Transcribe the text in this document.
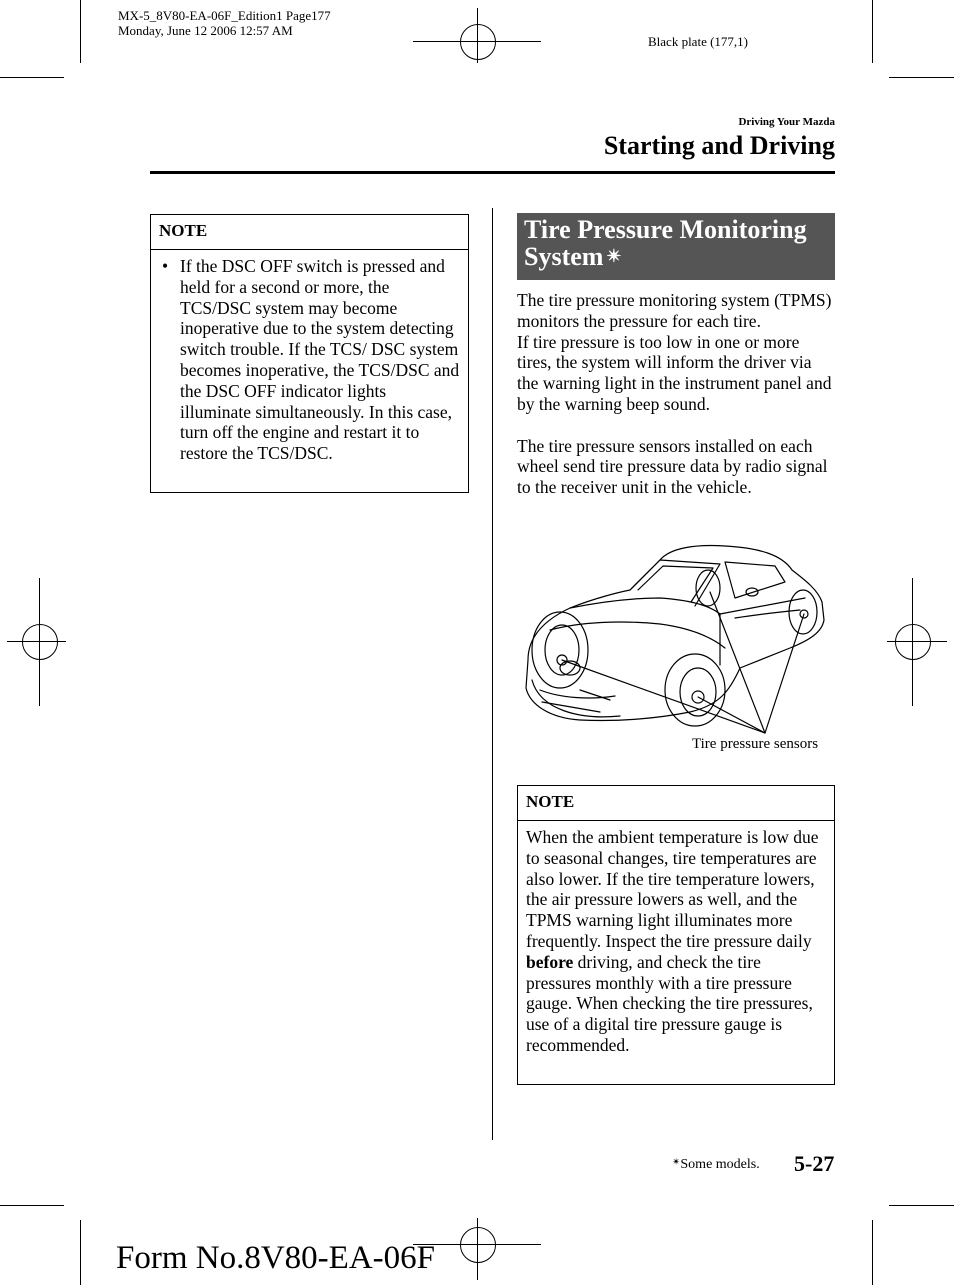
MX-5_8V80-EA-06F_Edition1 Page177
Monday, June 12 2006 12:57 AM
Black plate (177,1)
Driving Your Mazda
Starting and Driving
NOTE
• If the DSC OFF switch is pressed and held for a second or more, the TCS/DSC system may become inoperative due to the system detecting switch trouble. If the TCS/ DSC system becomes inoperative, the TCS/DSC and the DSC OFF indicator lights illuminate simultaneously. In this case, turn off the engine and restart it to restore the TCS/DSC.
Tire Pressure Monitoring
System ✴
The tire pressure monitoring system (TPMS) monitors the pressure for each tire.
If tire pressure is too low in one or more tires, the system will inform the driver via the warning light in the instrument panel and by the warning beep sound.
The tire pressure sensors installed on each wheel send tire pressure data by radio signal to the receiver unit in the vehicle.
Tire pressure sensors
NOTE
When the ambient temperature is low due to seasonal changes, tire temperatures are also lower. If the tire temperature lowers, the air pressure lowers as well, and the TPMS warning light illuminates more frequently. Inspect the tire pressure daily before driving, and check the tire pressures monthly with a tire pressure gauge. When checking the tire pressures, use of a digital tire pressure gauge is recommended.
✴Some models. 5-27
Form No.8V80-EA-06F
